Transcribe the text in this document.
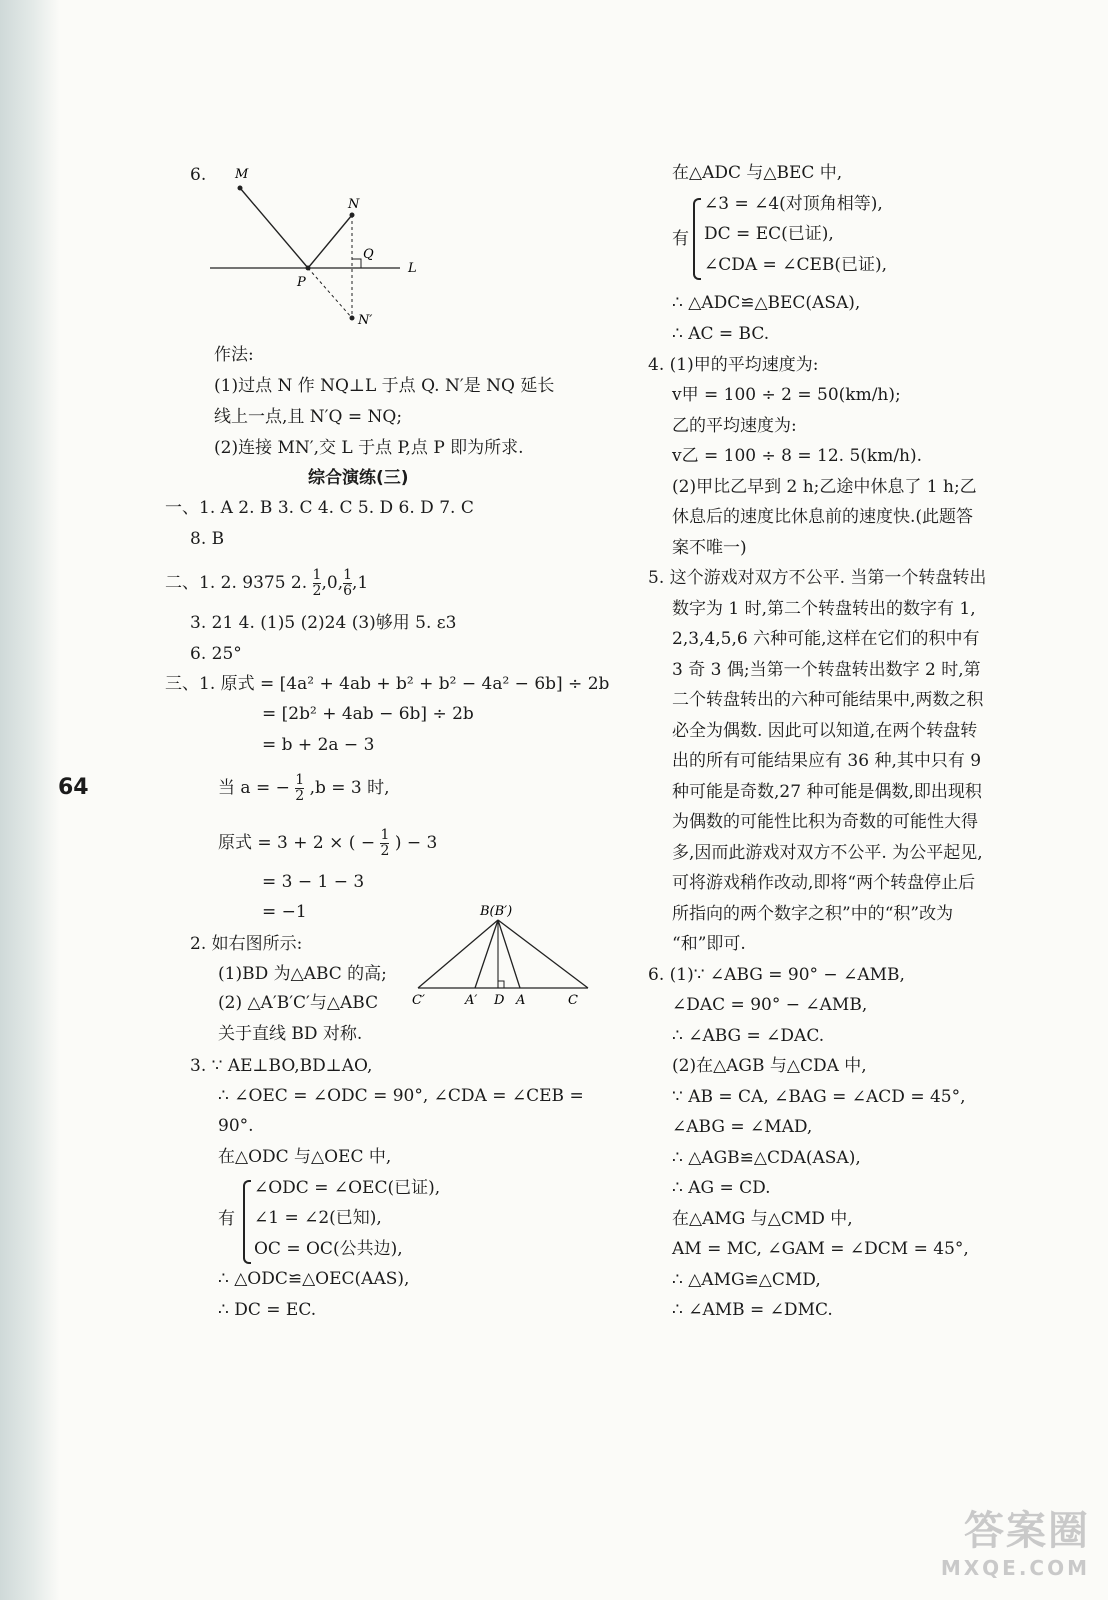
64
6. M
N
Q
L
P
N′
作法:
(1)过点 N 作 NQ⊥L 于点 Q. N′是 NQ 延长
线上一点,且 N′Q = NQ;
(2)连接 MN′,交 L 于点 P,点 P 即为所求.
综合演练(三)
一、1. A 2. B 3. C 4. C 5. D 6. D 7. C
8. B
二、1. 2. 9375 2. $\frac{1}{2} ,0$, $\frac{1}{6} ,1$
3. 21 4. (1)5 (2)24 (3)够用 5. ε3
6. 25°
三、1. 原式 = [4a² + 4ab + b² + b² − 4a² − 6b] ÷ 2b
= [2b² + 4ab − 6b] ÷ 2b
= b + 2a − 3
当 a = − $\frac{1}{2} ,b = 3$ 时,
原式 = 3 + 2 × ( − $\frac{1}{2}$ ) − 3
= 3 − 1 − 3
= −1
2. 如右图所示:
(1)BD 为△ABC 的高;
(2) △A′B′C′与△ABC
关于直线 BD 对称.
B(B′)
C′	A′ D A	C
3. ∵ AE⊥BO,BD⊥AO,
∴ ∠OEC = ∠ODC = 90°, ∠CDA = ∠CEB =
90°.
在△ODC 与△OEC 中,
有
∠ODC = ∠OEC(已证),
∠1 = ∠2(已知),
OC = OC(公共边),
∴ △ODC≌△OEC(AAS),
∴ DC = EC.
在△ADC 与△BEC 中,
有
∠3 = ∠4(对顶角相等),
DC = EC(已证),
∠CDA = ∠CEB(已证),
∴ △ADC≌△BEC(ASA),
∴ AC = BC.
4. (1)甲的平均速度为:
v甲 = 100 ÷ 2 = 50(km/h);
乙的平均速度为:
v乙 = 100 ÷ 8 = 12. 5(km/h).
(2)甲比乙早到 2 h;乙途中休息了 1 h;乙
休息后的速度比休息前的速度快.(此题答
案不唯一)
5. 这个游戏对双方不公平. 当第一个转盘转出
数字为 1 时,第二个转盘转出的数字有 1,
2,3,4,5,6 六种可能,这样在它们的积中有
3 奇 3 偶;当第一个转盘转出数字 2 时,第
二个转盘转出的六种可能结果中,两数之积
必全为偶数. 因此可以知道,在两个转盘转
出的所有可能结果应有 36 种,其中只有 9
种可能是奇数,27 种可能是偶数,即出现积
为偶数的可能性比积为奇数的可能性大得
多,因而此游戏对双方不公平. 为公平起见,
可将游戏稍作改动,即将“两个转盘停止后
所指向的两个数字之积”中的“积”改为
“和”即可.
6. (1)∵ ∠ABG = 90° − ∠AMB,
∠DAC = 90° − ∠AMB,
∴ ∠ABG = ∠DAC.
(2)在△AGB 与△CDA 中,
∵ AB = CA, ∠BAG = ∠ACD = 45°,
∠ABG = ∠MAD,
∴ △AGB≌△CDA(ASA),
∴ AG = CD.
在△AMG 与△CMD 中,
AM = MC, ∠GAM = ∠DCM = 45°,
∴ △AMG≌△CMD,
∴ ∠AMB = ∠DMC.
答案圈
MXQE.COM
